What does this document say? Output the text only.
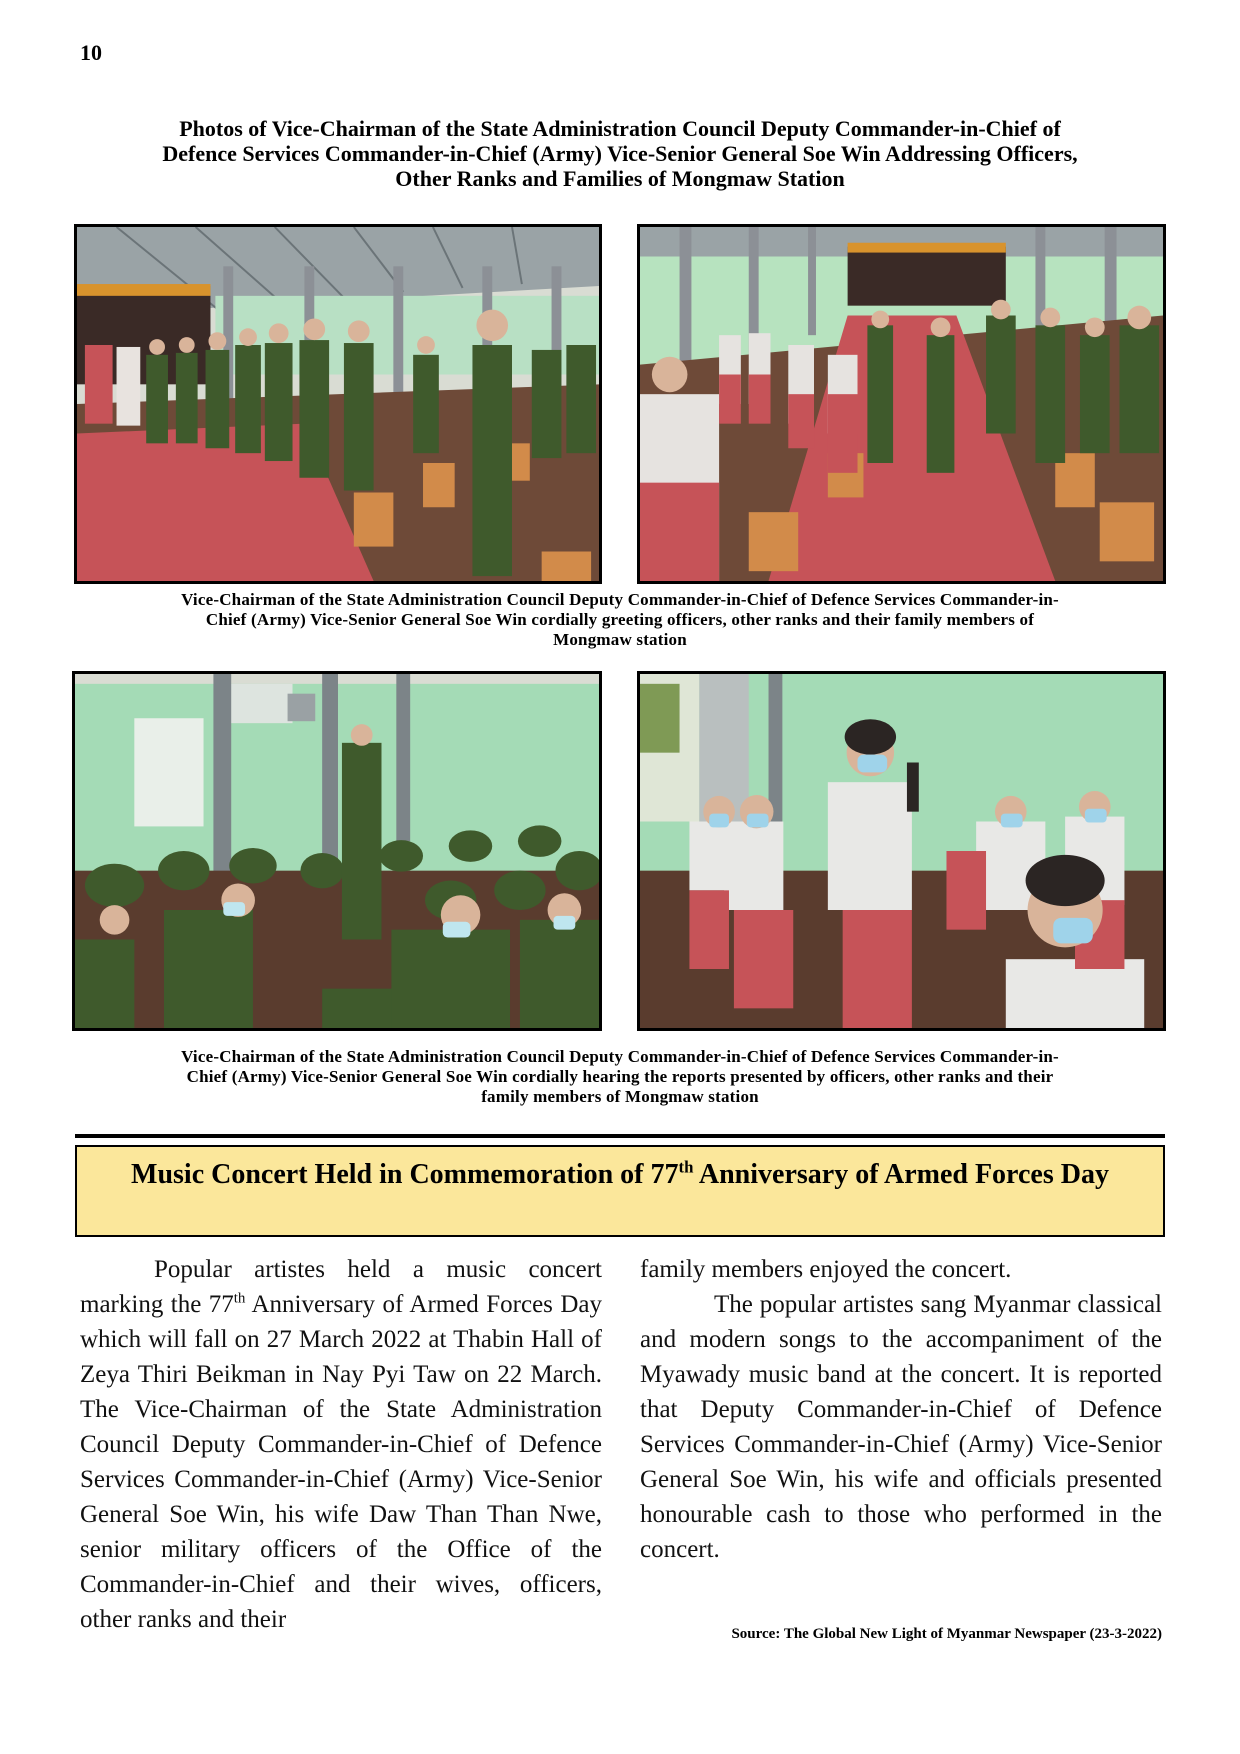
10
Photos of Vice-Chairman of the State Administration Council Deputy Commander-in-Chief of
Defence Services Commander-in-Chief (Army) Vice-Senior General Soe Win Addressing Officers,
Other Ranks and Families of Mongmaw Station
Vice-Chairman of the State Administration Council Deputy Commander-in-Chief of Defence Services Commander-in-
Chief (Army) Vice-Senior General Soe Win cordially greeting officers, other ranks and their family members of
Mongmaw station
Vice-Chairman of the State Administration Council Deputy Commander-in-Chief of Defence Services Commander-in-
Chief (Army) Vice-Senior General Soe Win cordially hearing the reports presented by officers, other ranks and their
family members of Mongmaw station
Music Concert Held in Commemoration of 77th Anniversary of Armed Forces Day

Popular artistes held a music concert marking the 77th Anniversary of Armed Forces Day which will fall on 27 March 2022 at Thabin Hall of Zeya Thiri Beikman in Nay Pyi Taw on 22 March. The Vice-Chairman of the State Administration Council Deputy Commander-in-Chief of Defence Services Commander-in-Chief (Army) Vice-Senior General Soe Win, his wife Daw Than Than Nwe, senior military officers of the Office of the Commander-in-Chief and their wives, officers, other ranks and their

family members enjoyed the concert.

The popular artistes sang Myanmar classical and modern songs to the accompaniment of the Myawady music band at the concert. It is reported that Deputy Commander-in-Chief of Defence Services Commander-in-Chief (Army) Vice-Senior General Soe Win, his wife and officials presented honourable cash to those who performed in the concert.

Source: The Global New Light of Myanmar Newspaper (23-3-2022)
